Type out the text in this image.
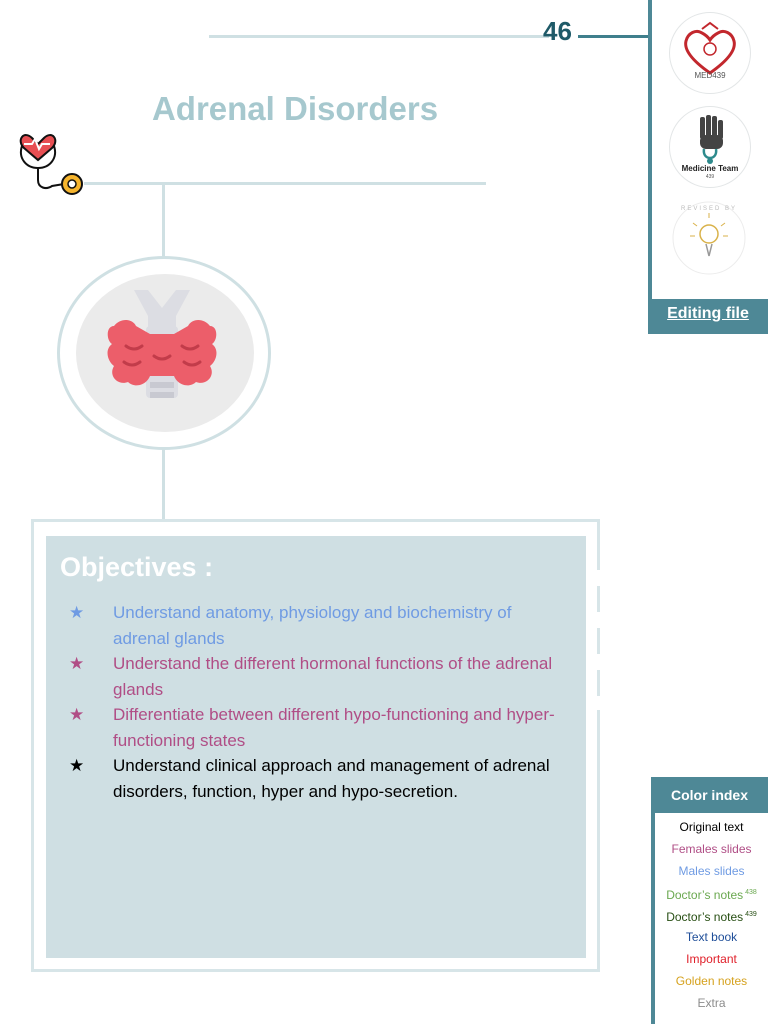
46
MED439
Medicine Team
439
REVISED BY
Editing file
Adrenal Disorders
Objectives :
★ Understand anatomy, physiology and biochemistry of adrenal glands
★ Understand the different hormonal functions of the adrenal glands
★ Differentiate between different hypo-functioning and hyper-functioning states
★ Understand clinical approach and management of adrenal disorders, function, hyper and hypo-secretion.	Color index
Original text
Females slides
Males slides
Doctor’s notes $^{438}$
Doctor’s notes $^{439}$
Text book
Important
Golden notes
Extra
